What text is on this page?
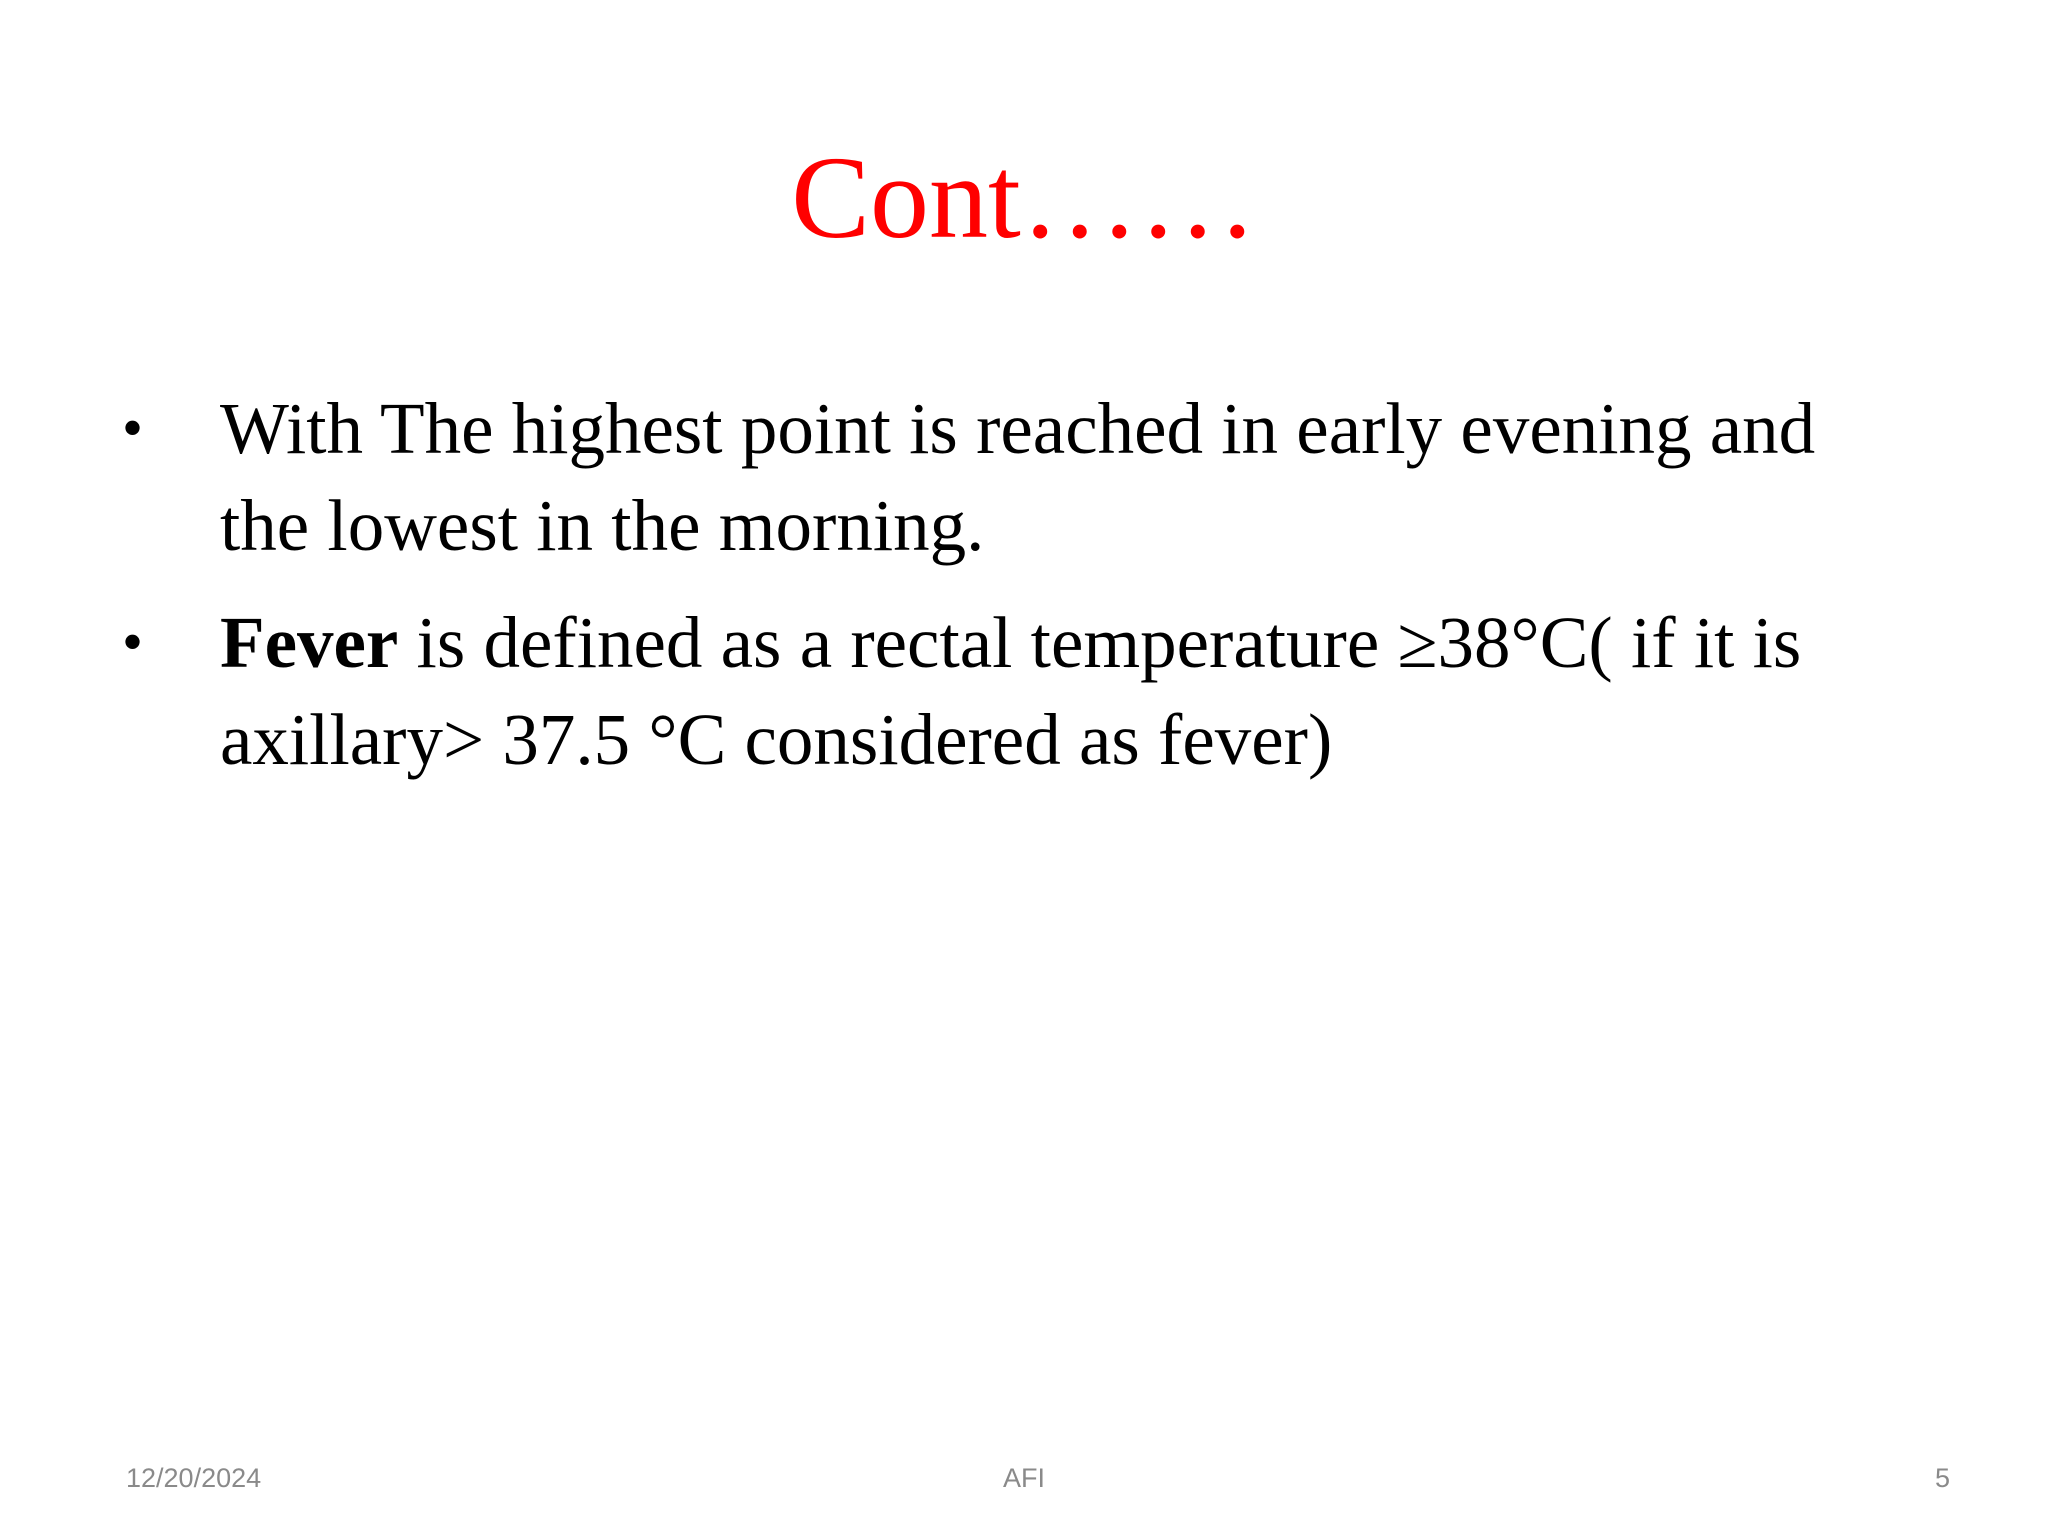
Cont……
• With The highest point is reached in early evening and the lowest in the morning.
• Fever is defined as a rectal temperature ≥38°C( if it is axillary> 37.5 °C considered as fever)
12/20/2024	AFI	5
